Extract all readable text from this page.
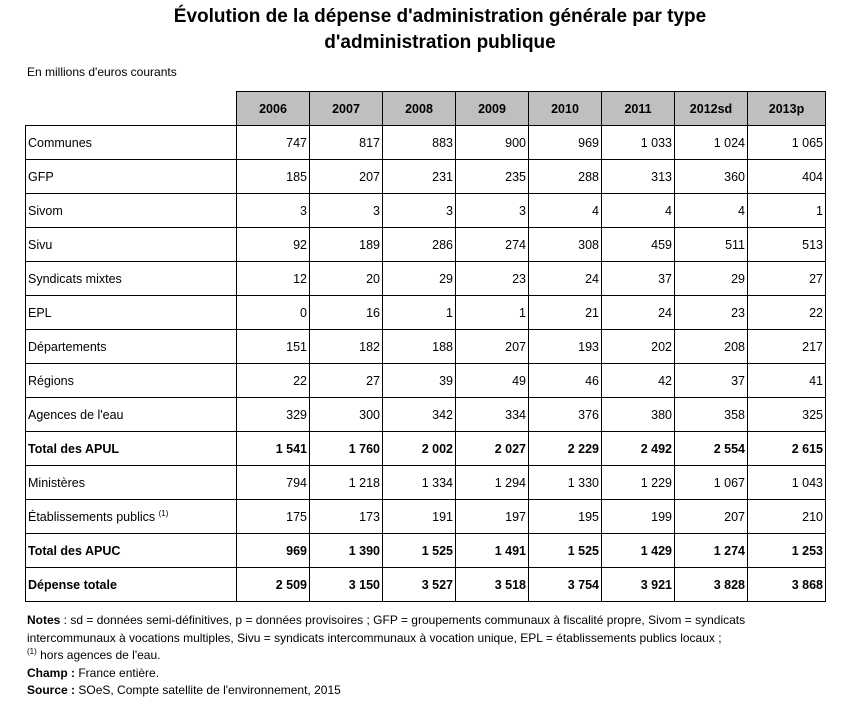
Évolution de la dépense d'administration générale par type
d'administration publique
En millions d'euros courants
	2006	2007	2008	2009	2010	2011	2012sd	2013p
Communes	747	817	883	900	969	1 033	1 024	1 065
GFP	185	207	231	235	288	313	360	404
Sivom	3	3	3	3	4	4	4	1
Sivu	92	189	286	274	308	459	511	513
Syndicats mixtes	12	20	29	23	24	37	29	27
EPL	0	16	1	1	21	24	23	22
Départements	151	182	188	207	193	202	208	217
Régions	22	27	39	49	46	42	37	41
Agences de l'eau	329	300	342	334	376	380	358	325
Total des APUL	1 541	1 760	2 002	2 027	2 229	2 492	2 554	2 615
Ministères	794	1 218	1 334	1 294	1 330	1 229	1 067	1 043
Établissements publics $^{(1)}$	175	173	191	197	195	199	207	210
Total des APUC	969	1 390	1 525	1 491	1 525	1 429	1 274	1 253
Dépense totale	2 509	3 150	3 527	3 518	3 754	3 921	3 828	3 868
Notes : sd = données semi-définitives, p = données provisoires ; GFP = groupements communaux à fiscalité propre, Sivom = syndicats
intercommunaux à vocations multiples, Sivu = syndicats intercommunaux à vocation unique, EPL = établissements publics locaux ;
$^{(1)}$ hors agences de l'eau.
Champ : France entière.
Source : SOeS, Compte satellite de l'environnement, 2015
